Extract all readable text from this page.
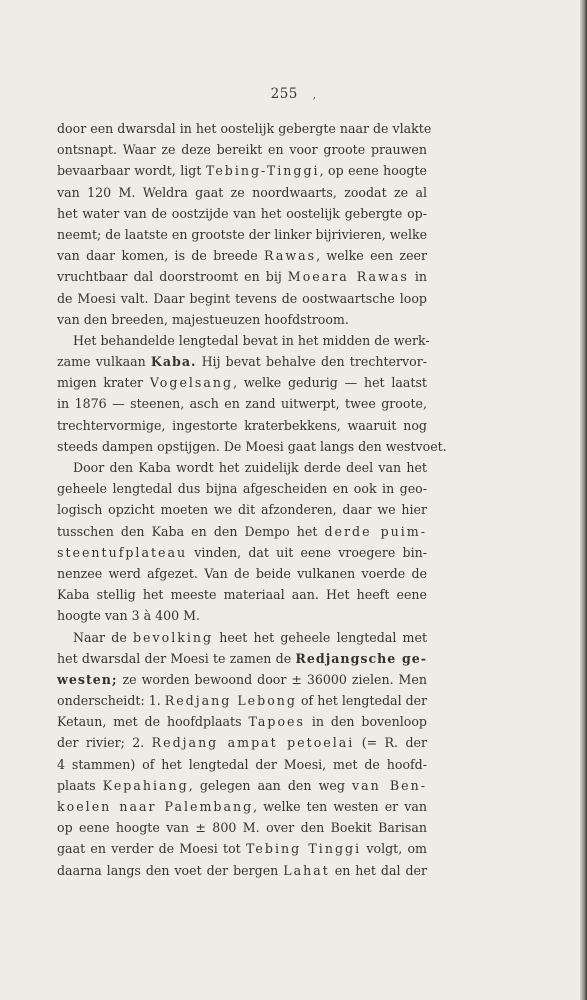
255 ,
door een dwarsdal in het oostelijk gebergte naar de vlakte
ontsnapt. Waar ze deze bereikt en voor groote prauwen
bevaarbaar wordt, ligt Tebing-Tinggi, op eene hoogte
van 120 M. Weldra gaat ze noordwaarts, zoodat ze al
het water van de oostzijde van het oostelijk gebergte op-
neemt; de laatste en grootste der linker bijrivieren, welke
van daar komen, is de breede Rawas, welke een zeer
vruchtbaar dal doorstroomt en bij Moeara Rawas in
de Moesi valt. Daar begint tevens de oostwaartsche loop
van den breeden, majestueuzen hoofdstroom.
Het behandelde lengtedal bevat in het midden de werk-
zame vulkaan Kaba. Hij bevat behalve den trechtervor-
migen krater Vogelsang, welke gedurig — het laatst
in 1876 — steenen, asch en zand uitwerpt, twee groote,
trechtervormige, ingestorte kraterbekkens, waaruit nog
steeds dampen opstijgen. De Moesi gaat langs den westvoet.
Door den Kaba wordt het zuidelijk derde deel van het
geheele lengtedal dus bijna afgescheiden en ook in geo-
logisch opzicht moeten we dit afzonderen, daar we hier
tusschen den Kaba en den Dempo het derde puim-
steentufplateau vinden, dat uit eene vroegere bin-
nenzee werd afgezet. Van de beide vulkanen voerde de
Kaba stellig het meeste materiaal aan. Het heeft eene
hoogte van 3 à 400 M.
Naar de bevolking heet het geheele lengtedal met
het dwarsdal der Moesi te zamen de Redjangsche ge-
westen; ze worden bewoond door ± 36000 zielen. Men
onderscheidt: 1. Redjang Lebong of het lengtedal der
Ketaun, met de hoofdplaats Tapoes in den bovenloop
der rivier; 2. Redjang ampat petoelai (= R. der
4 stammen) of het lengtedal der Moesi, met de hoofd-
plaats Kepahiang, gelegen aan den weg van Ben-
koelen naar Palembang, welke ten westen er van
op eene hoogte van ± 800 M. over den Boekit Barisan
gaat en verder de Moesi tot Tebing Tinggi volgt, om
daarna langs den voet der bergen Lahat en het dal der
